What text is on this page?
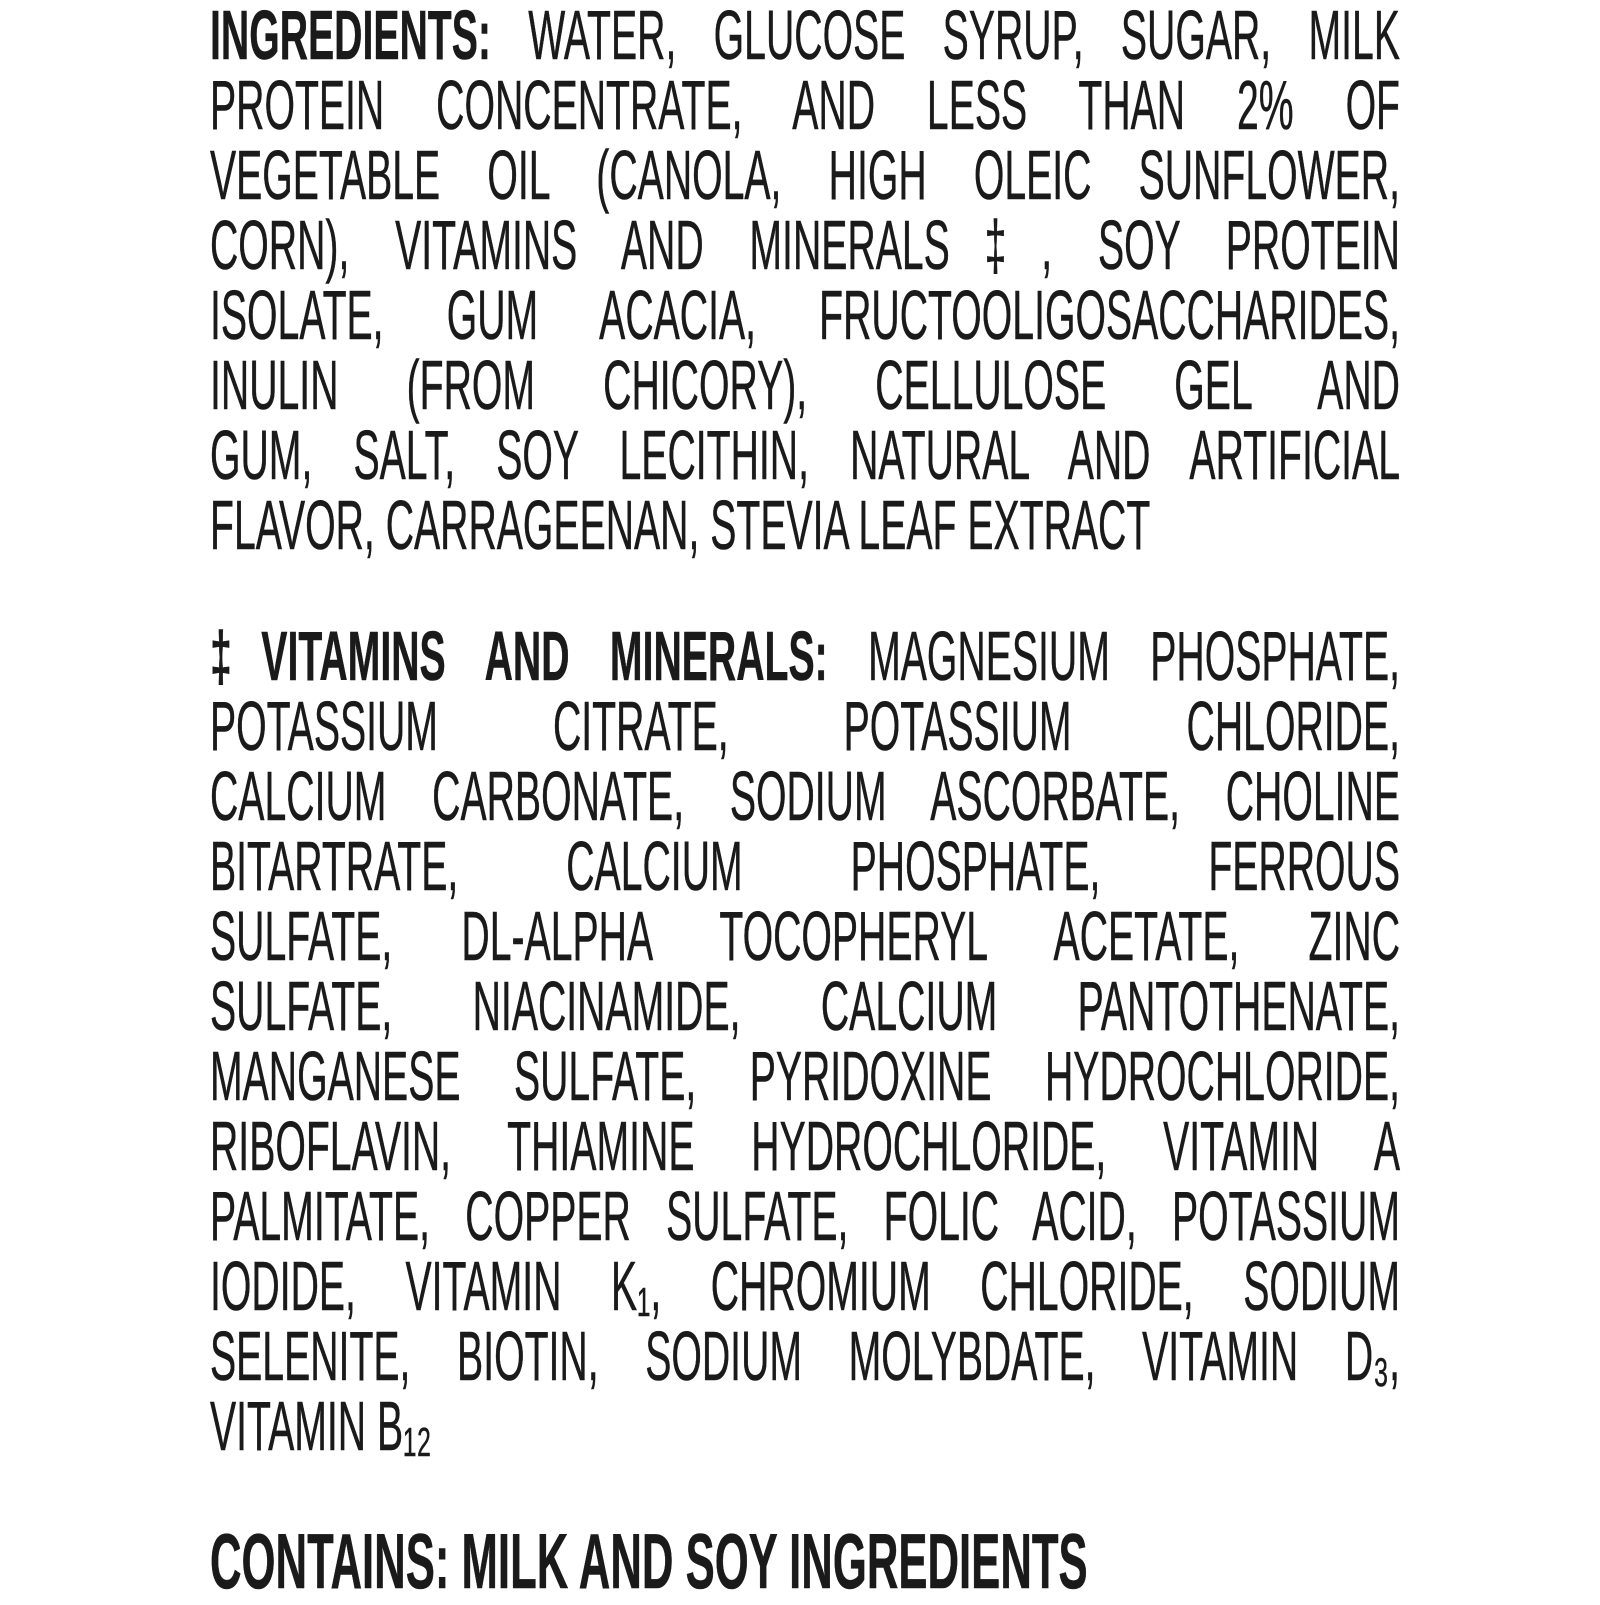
INGREDIENTS: WATER, GLUCOSE SYRUP, SUGAR, MILK
PROTEIN CONCENTRATE, AND LESS THAN 2% OF
VEGETABLE OIL (CANOLA, HIGH OLEIC SUNFLOWER,
CORN), VITAMINS AND MINERALS‡, SOY PROTEIN
ISOLATE, GUM ACACIA, FRUCTOOLIGOSACCHARIDES,
INULIN (FROM CHICORY), CELLULOSE GEL AND
GUM, SALT, SOY LECITHIN, NATURAL AND ARTIFICIAL
FLAVOR, CARRAGEENAN, STEVIA LEAF EXTRACT
‡VITAMINS AND MINERALS: MAGNESIUM PHOSPHATE,
POTASSIUM CITRATE, POTASSIUM CHLORIDE,
CALCIUM CARBONATE, SODIUM ASCORBATE, CHOLINE
BITARTRATE, CALCIUM PHOSPHATE, FERROUS
SULFATE, DL-ALPHA TOCOPHERYL ACETATE, ZINC
SULFATE, NIACINAMIDE, CALCIUM PANTOTHENATE,
MANGANESE SULFATE, PYRIDOXINE HYDROCHLORIDE,
RIBOFLAVIN, THIAMINE HYDROCHLORIDE, VITAMIN A
PALMITATE, COPPER SULFATE, FOLIC ACID, POTASSIUM
IODIDE, VITAMIN K₁, CHROMIUM CHLORIDE, SODIUM
SELENITE, BIOTIN, SODIUM MOLYBDATE, VITAMIN D₃,
VITAMIN B₁₂

CONTAINS: MILK AND SOY INGREDIENTS
